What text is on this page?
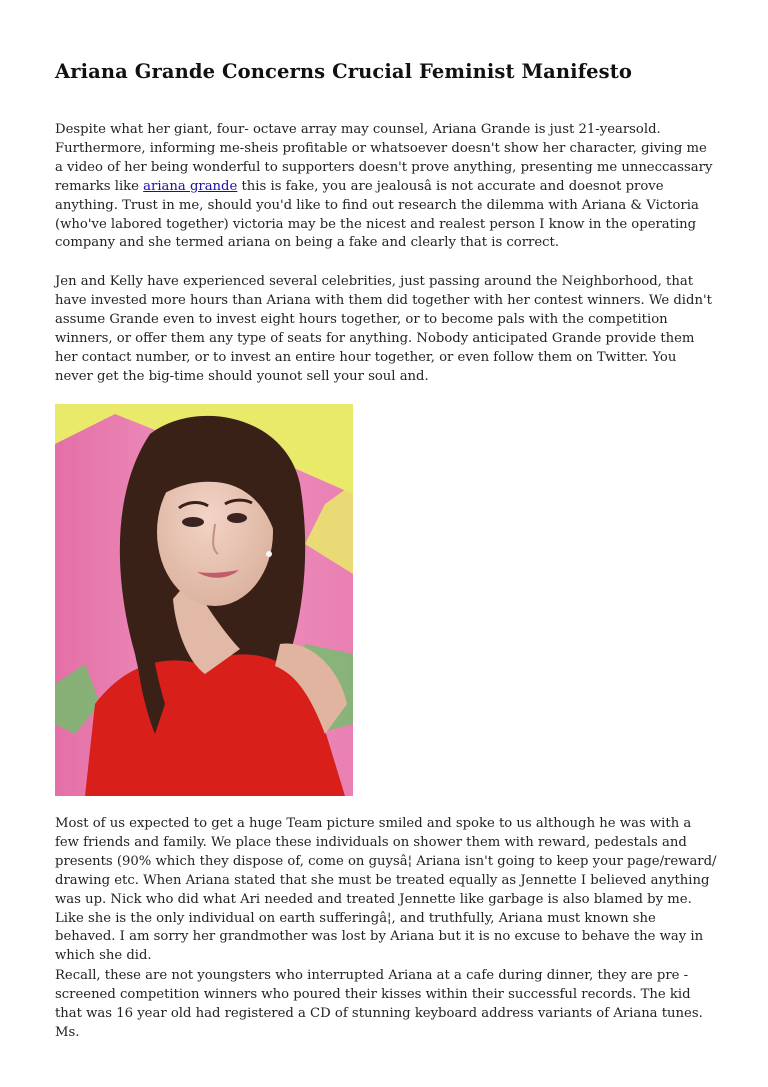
Ariana Grande Concerns Crucial Feminist Manifesto

Despite what her giant, four- octave array may counsel, Ariana Grande is just 21-yearsold. Furthermore, informing me-sheis profitable or whatsoever doesn't show her character, giving me a video of her being wonderful to supporters doesn't prove anything, presenting me unneccassary remarks like ariana grande this is fake, you are jealousâ is not accurate and doesnot prove anything. Trust in me, should you'd like to find out research the dilemma with Ariana & Victoria (who've labored together) victoria may be the nicest and realest person I know in the operating company and she termed ariana on being a fake and clearly that is correct.

Jen and Kelly have experienced several celebrities, just passing around the Neighborhood, that have invested more hours than Ariana with them did together with her contest winners. We didn't assume Grande even to invest eight hours together, or to become pals with the competition winners, or offer them any type of seats for anything. Nobody anticipated Grande provide them her contact number, or to invest an entire hour together, or even follow them on Twitter. You never get the big-time should younot sell your soul and.

Most of us expected to get a huge Team picture smiled and spoke to us although he was with a few friends and family. We place these individuals on shower them with reward, pedestals and presents (90% which they dispose of, come on guysâ¦ Ariana isn't going to keep your page/reward/ drawing etc. When Ariana stated that she must be treated equally as Jennette I believed anything was up. Nick who did what Ari needed and treated Jennette like garbage is also blamed by me. Like she is the only individual on earth sufferingâ¦, and truthfully, Ariana must known she behaved. I am sorry her grandmother was lost by Ariana but it is no excuse to behave the way in which she did.

Recall, these are not youngsters who interrupted Ariana at a cafe during dinner, they are pre - screened competition winners who poured their kisses within their successful records. The kid that was 16 year old had registered a CD of stunning keyboard address variants of Ariana tunes. Ms.
